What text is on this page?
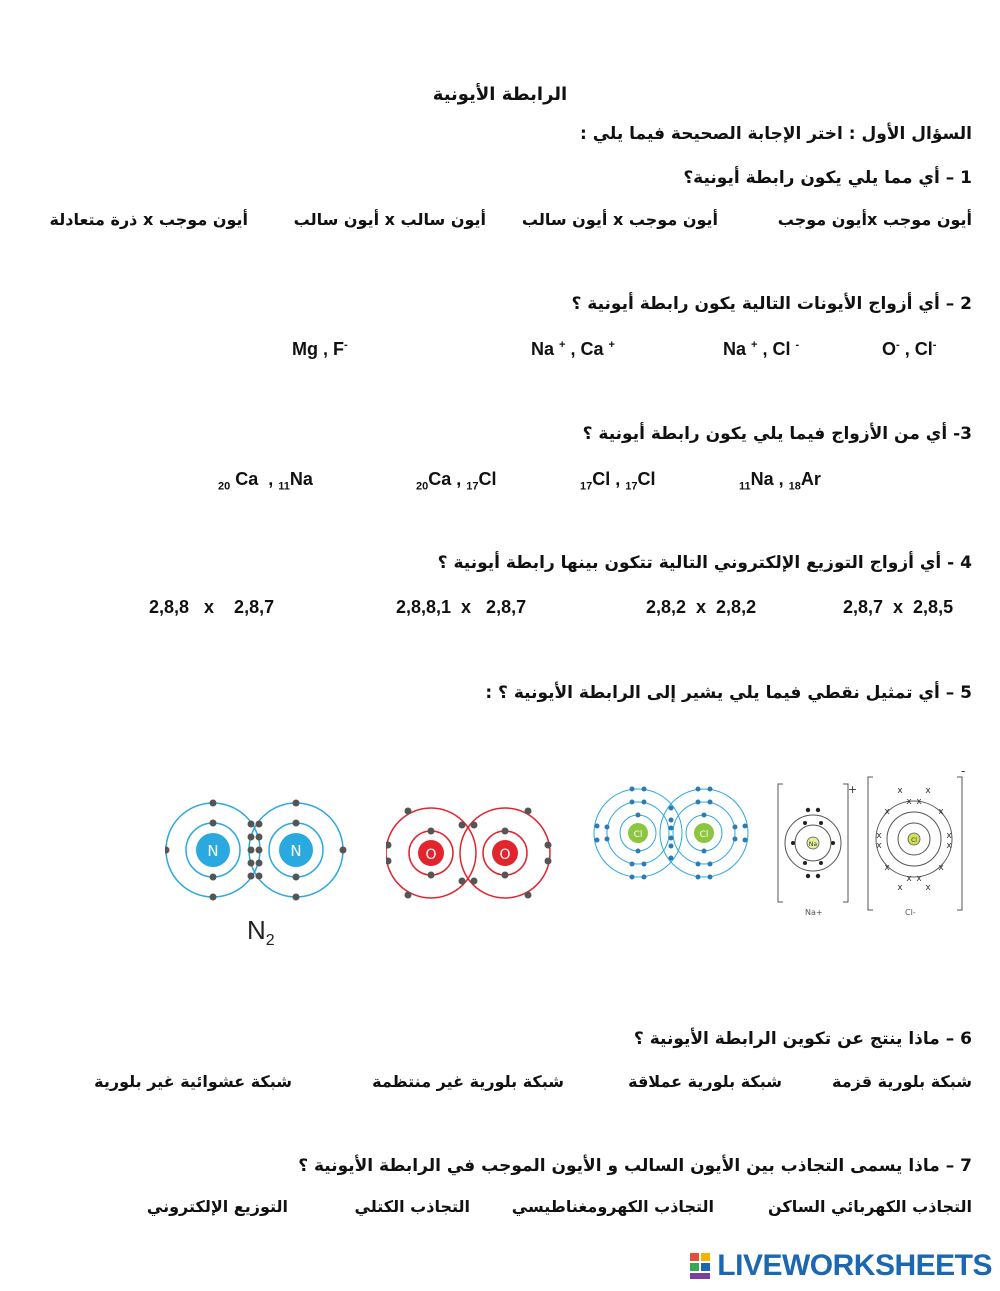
الرابطة الأيونية
السؤال الأول : اختر الإجابة الصحيحة فيما يلي :
1 – أي مما يلي يكون رابطة أيونية؟
أيون موجب xأيون موجب
أيون موجب x أيون سالب
أيون سالب x أيون سالب
أيون موجب x ذرة متعادلة
2 – أي أزواج الأيونات التالية يكون رابطة أيونية ؟
O- , Cl-
Na + , Cl -
Na + , Ca +
Mg , F-
3- أي من الأزواج فيما يلي يكون رابطة أيونية ؟
$_{11}$Na , $_{18}$Ar
$_{17}$Cl , $_{17}$Cl
$_{20}$Ca , $_{17}$Cl
$_{20}$ Ca  , $_{11}$Na
4 - أي أزواج التوزيع الإلكتروني التالية تتكون بينها رابطة أيونية ؟
2,8,7  x  2,8,5
2,8,2  x  2,8,2
2,8,8,1  x   2,8,7
2,8,8   x    2,8,7
5 – أي تمثيل نقطي فيما يلي يشير إلى الرابطة الأيونية ؟ :
+
Na
Na+
-
Cl
x x
x x
x
x
x
x
x	x
x	x
x	x
x	x
Cl-
Cl	Cl
O	O
N	N
$N_2$
6 – ماذا ينتج عن تكوين الرابطة الأيونية ؟
شبكة بلورية قزمة
شبكة بلورية عملاقة
شبكة بلورية غير منتظمة
شبكة عشوائية غير بلورية
7 – ماذا يسمى التجاذب بين الأيون السالب و الأيون الموجب في الرابطة الأيونية ؟
التجاذب الكهربائي الساكن
التجاذب الكهرومغناطيسي
التجاذب الكتلي
التوزيع الإلكتروني
LIVEWORKSHEETS
